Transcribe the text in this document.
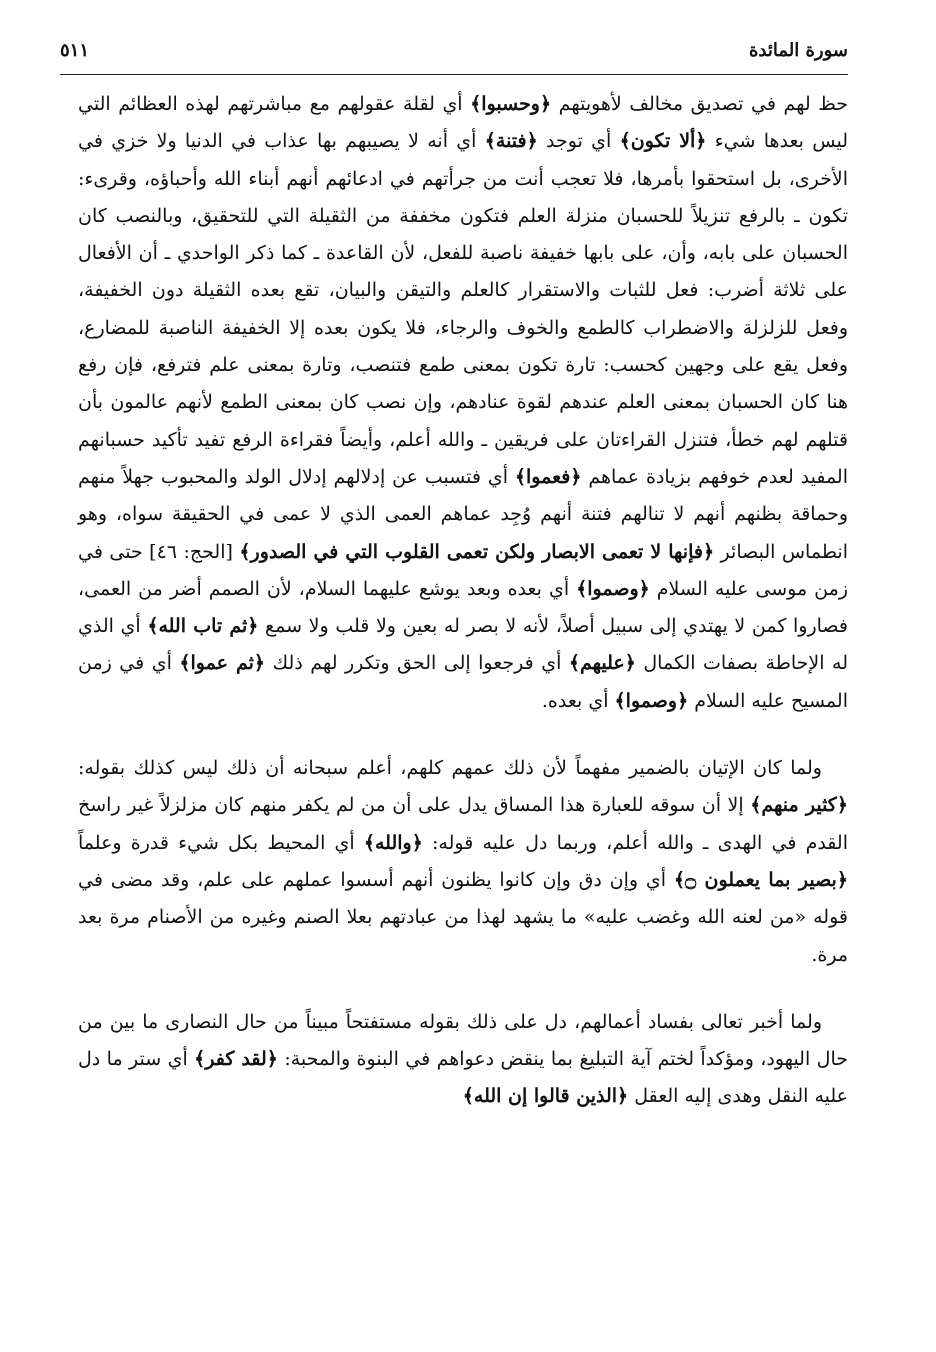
سورة المائدة
٥١١

حظ لهم في تصديق مخالف لأهويتهم ﴿وحسبوا﴾ أي لقلة عقولهم مع مباشرتهم لهذه العظائم التي ليس بعدها شيء ﴿ألا تكون﴾ أي توجد ﴿فتنة﴾ أي أنه لا يصيبهم بها عذاب في الدنيا ولا خزي في الأخرى، بل استحقوا بأمرها، فلا تعجب أنت من جرأتهم في ادعائهم أنهم أبناء الله وأحباؤه، وقرىء: تكون ـ بالرفع تنزيلاً للحسبان منزلة العلم فتكون مخففة من الثقيلة التي للتحقيق، وبالنصب كان الحسبان على بابه، وأن، على بابها خفيفة ناصبة للفعل، لأن القاعدة ـ كما ذكر الواحدي ـ أن الأفعال على ثلاثة أضرب: فعل للثبات والاستقرار كالعلم والتيقن والبيان، تقع بعده الثقيلة دون الخفيفة، وفعل للزلزلة والاضطراب كالطمع والخوف والرجاء، فلا يكون بعده إلا الخفيفة الناصبة للمضارع، وفعل يقع على وجهين كحسب: تارة تكون بمعنى طمع فتنصب، وتارة بمعنى علم فترفع، فإن رفع هنا كان الحسبان بمعنى العلم عندهم لقوة عنادهم، وإن نصب كان بمعنى الطمع لأنهم عالمون بأن قتلهم لهم خطأ، فتنزل القراءتان على فريقين ـ والله أعلم، وأيضاً فقراءة الرفع تفيد تأكيد حسبانهم المفيد لعدم خوفهم بزيادة عماهم ﴿فعموا﴾ أي فتسبب عن إدلالهم إدلال الولد والمحبوب جهلاً منهم وحماقة بظنهم أنهم لا تنالهم فتنة أنهم وُجِد عماهم العمى الذي لا عمى في الحقيقة سواه، وهو انطماس البصائر ﴿فإنها لا تعمى الابصار ولكن تعمى القلوب التي في الصدور﴾ [الحج: ٤٦] حتى في زمن موسى عليه السلام ﴿وصموا﴾ أي بعده وبعد يوشع عليهما السلام، لأن الصمم أضر من العمى، فصاروا كمن لا يهتدي إلى سبيل أصلاً، لأنه لا بصر له بعين ولا قلب ولا سمع ﴿ثم تاب الله﴾ أي الذي له الإحاطة بصفات الكمال ﴿عليهم﴾ أي فرجعوا إلى الحق وتكرر لهم ذلك ﴿ثم عموا﴾ أي في زمن المسيح عليه السلام ﴿وصموا﴾ أي بعده.

ولما كان الإتيان بالضمير مفهماً لأن ذلك عمهم كلهم، أعلم سبحانه أن ذلك ليس كذلك بقوله: ﴿كثير منهم﴾ إلا أن سوقه للعبارة هذا المساق يدل على أن من لم يكفر منهم كان مزلزلاً غير راسخ القدم في الهدى ـ والله أعلم، وربما دل عليه قوله: ﴿والله﴾ أي المحيط بكل شيء قدرة وعلماً ﴿بصير بما يعملون ۝﴾ أي وإن دق وإن كانوا يظنون أنهم أسسوا عملهم على علم، وقد مضى في قوله «من لعنه الله وغضب عليه» ما يشهد لهذا من عبادتهم بعلا الصنم وغيره من الأصنام مرة بعد مرة.

ولما أخبر تعالى بفساد أعمالهم، دل على ذلك بقوله مستفتحاً مبيناً من حال النصارى ما بين من حال اليهود، ومؤكداً لختم آية التبليغ بما ينقض دعواهم في البنوة والمحبة: ﴿لقد كفر﴾ أي ستر ما دل عليه النقل وهدى إليه العقل ﴿الذين قالوا إن الله﴾
